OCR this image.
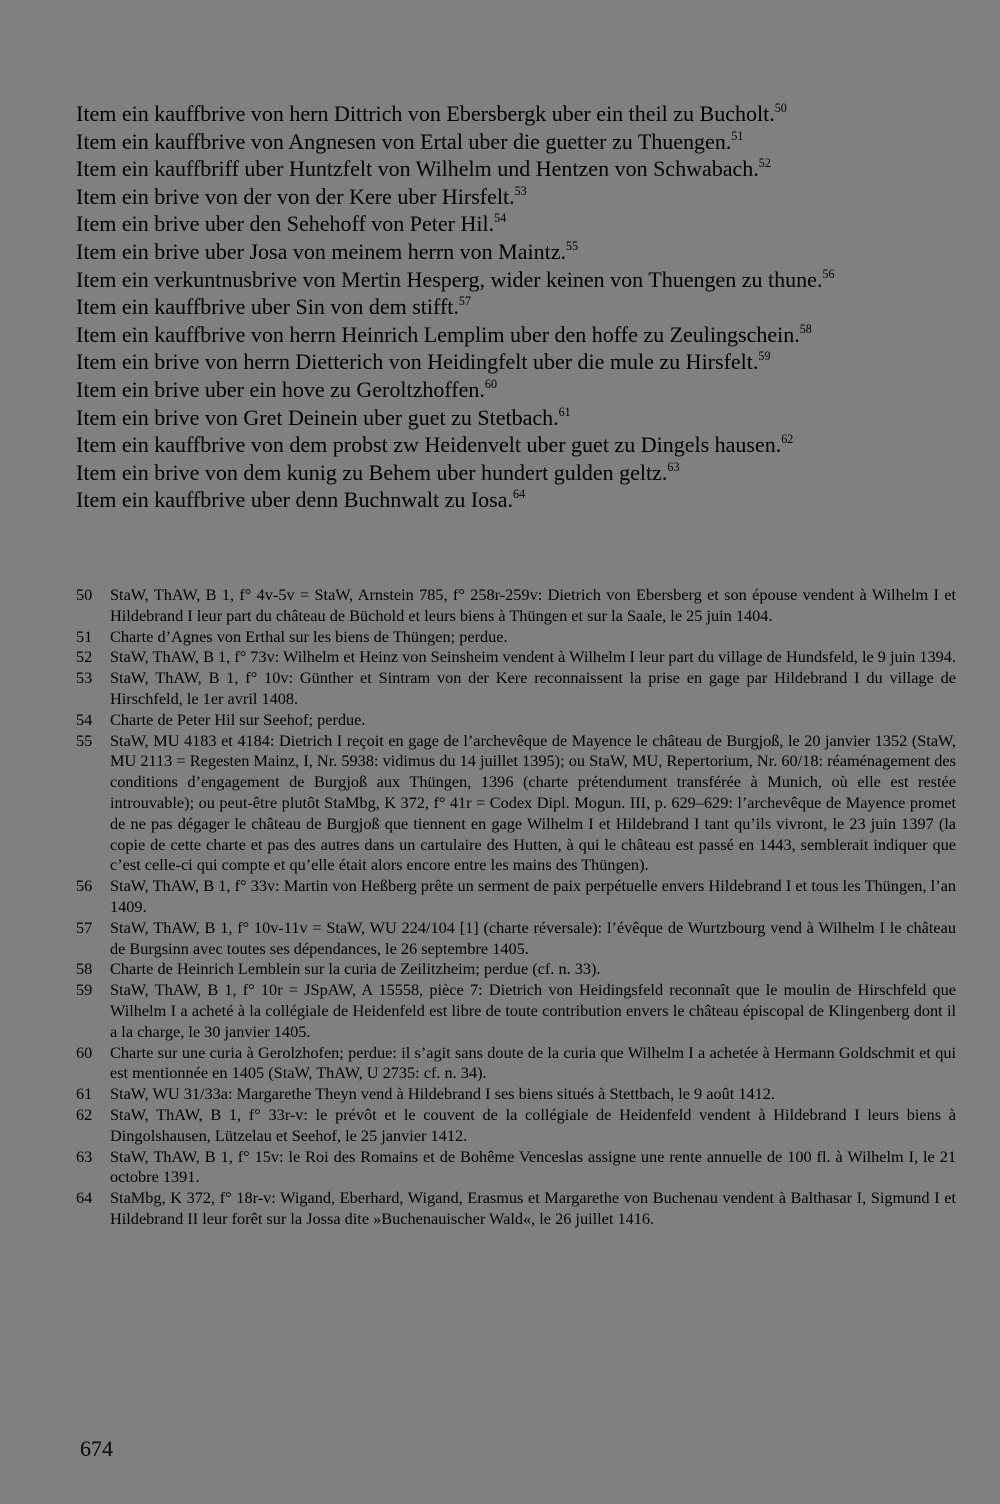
Item ein kauffbrive von hern Dittrich von Ebersbergk uber ein theil zu Bucholt.$^{50}$
Item ein kauffbrive von Angnesen von Ertal uber die guetter zu Thuengen.$^{51}$
Item ein kauffbriff uber Huntzfelt von Wilhelm und Hentzen von Schwabach.$^{52}$
Item ein brive von der von der Kere uber Hirsfelt.$^{53}$
Item ein brive uber den Sehehoff von Peter Hil.$^{54}$
Item ein brive uber Josa von meinem herrn von Maintz.$^{55}$
Item ein verkuntnusbrive von Mertin Hesperg, wider keinen von Thuengen zu thune.$^{56}$
Item ein kauffbrive uber Sin von dem stifft.$^{57}$
Item ein kauffbrive von herrn Heinrich Lemplim uber den hoffe zu Zeulingschein.$^{58}$
Item ein brive von herrn Dietterich von Heidingfelt uber die mule zu Hirsfelt.$^{59}$
Item ein brive uber ein hove zu Geroltzhoffen.$^{60}$
Item ein brive von Gret Deinein uber guet zu Stetbach.$^{61}$
Item ein kauffbrive von dem probst zw Heidenvelt uber guet zu Dingels hausen.$^{62}$
Item ein brive von dem kunig zu Behem uber hundert gulden geltz.$^{63}$
Item ein kauffbrive uber denn Buchnwalt zu Iosa.$^{64}$
50	StaW, ThAW, B 1, f° 4v-5v = StaW, Arnstein 785, f° 258r-259v: Dietrich von Ebersberg et son épouse vendent à Wilhelm I et Hildebrand I leur part du château de Büchold et leurs biens à Thüngen et sur la Saale, le 25 juin 1404.
51	Charte d’Agnes von Erthal sur les biens de Thüngen; perdue.
52	StaW, ThAW, B 1, f° 73v: Wilhelm et Heinz von Seinsheim vendent à Wilhelm I leur part du village de Hundsfeld, le 9 juin 1394.
53	StaW, ThAW, B 1, f° 10v: Günther et Sintram von der Kere reconnaissent la prise en gage par Hildebrand I du village de Hirschfeld, le 1er avril 1408.
54	Charte de Peter Hil sur Seehof; perdue.
55	StaW, MU 4183 et 4184: Dietrich I reçoit en gage de l’archevêque de Mayence le château de Burgjoß, le 20 janvier 1352 (StaW, MU 2113 = Regesten Mainz, I, Nr. 5938: vidimus du 14 juillet 1395); ou StaW, MU, Repertorium, Nr. 60/18: réaménagement des conditions d’engagement de Burgjoß aux Thüngen, 1396 (charte prétendument transférée à Munich, où elle est restée introuvable); ou peut-être plutôt StaMbg, K 372, f° 41r = Codex Dipl. Mogun. III, p. 629–629: l’archevêque de Mayence promet de ne pas dégager le château de Burgjoß que tiennent en gage Wilhelm I et Hildebrand I tant qu’ils vivront, le 23 juin 1397 (la copie de cette charte et pas des autres dans un cartulaire des Hutten, à qui le château est passé en 1443, semblerait indiquer que c’est celle-ci qui compte et qu’elle était alors encore entre les mains des Thüngen).
56	StaW, ThAW, B 1, f° 33v: Martin von Heßberg prête un serment de paix perpétuelle envers Hildebrand I et tous les Thüngen, l’an 1409.
57	StaW, ThAW, B 1, f° 10v-11v = StaW, WU 224/104 [1] (charte réversale): l’évêque de Wurtzbourg vend à Wilhelm I le château de Burgsinn avec toutes ses dépendances, le 26 septembre 1405.
58	Charte de Heinrich Lemblein sur la curia de Zeilitzheim; perdue (cf. n. 33).
59	StaW, ThAW, B 1, f° 10r = JSpAW, A 15558, pièce 7: Dietrich von Heidingsfeld reconnaît que le moulin de Hirschfeld que Wilhelm I a acheté à la collégiale de Heidenfeld est libre de toute contribution envers le château épiscopal de Klingenberg dont il a la charge, le 30 janvier 1405.
60	Charte sur une curia à Gerolzhofen; perdue: il s’agit sans doute de la curia que Wilhelm I a achetée à Hermann Goldschmit et qui est mentionnée en 1405 (StaW, ThAW, U 2735: cf. n. 34).
61	StaW, WU 31/33a: Margarethe Theyn vend à Hildebrand I ses biens situés à Stettbach, le 9 août 1412.
62	StaW, ThAW, B 1, f° 33r-v: le prévôt et le couvent de la collégiale de Heidenfeld vendent à Hildebrand I leurs biens à Dingolshausen, Lützelau et Seehof, le 25 janvier 1412.
63	StaW, ThAW, B 1, f° 15v: le Roi des Romains et de Bohême Venceslas assigne une rente annuelle de 100 fl. à Wilhelm I, le 21 octobre 1391.
64	StaMbg, K 372, f° 18r-v: Wigand, Eberhard, Wigand, Erasmus et Margarethe von Buchenau vendent à Balthasar I, Sigmund I et Hildebrand II leur forêt sur la Jossa dite »Buchenauischer Wald«, le 26 juillet 1416.
674
